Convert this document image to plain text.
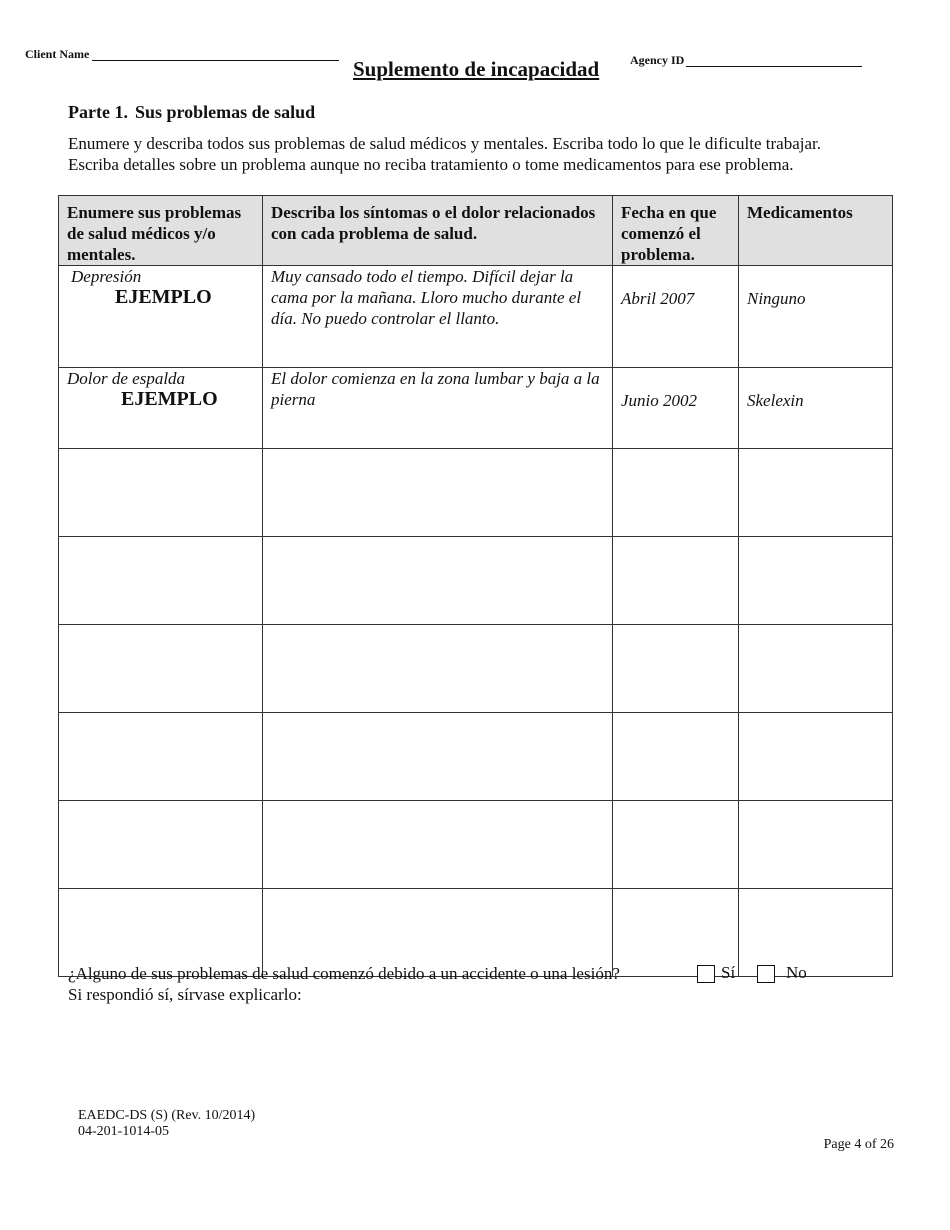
Client Name
Suplemento de incapacidad	Agency ID
Parte 1. Sus problemas de salud
Enumere y describa todos sus problemas de salud médicos y mentales. Escriba todo lo que le dificulte trabajar.
Escriba detalles sobre un problema aunque no reciba tratamiento o tome medicamentos para ese problema.
Enumere sus problemas de salud médicos y/o mentales.	Describa los síntomas o el dolor relacionados con cada problema de salud.	Fecha en que comenzó el problema.	Medicamentos
Depresión
EJEMPLO	Muy cansado todo el tiempo. Difícil dejar la cama por la mañana. Lloro mucho durante el día. No puedo controlar el llanto.	Abril 2007	Ninguno
Dolor de espalda
EJEMPLO	El dolor comienza en la zona lumbar y baja a la pierna	Junio 2002	Skelexin

¿Alguno de sus problemas de salud comenzó debido a un accidente o una lesión?	Sí	No
Si respondió sí, sírvase explicarlo:
EAEDC-DS (S) (Rev. 10/2014)
04-201-1014-05
Page 4 of 26
